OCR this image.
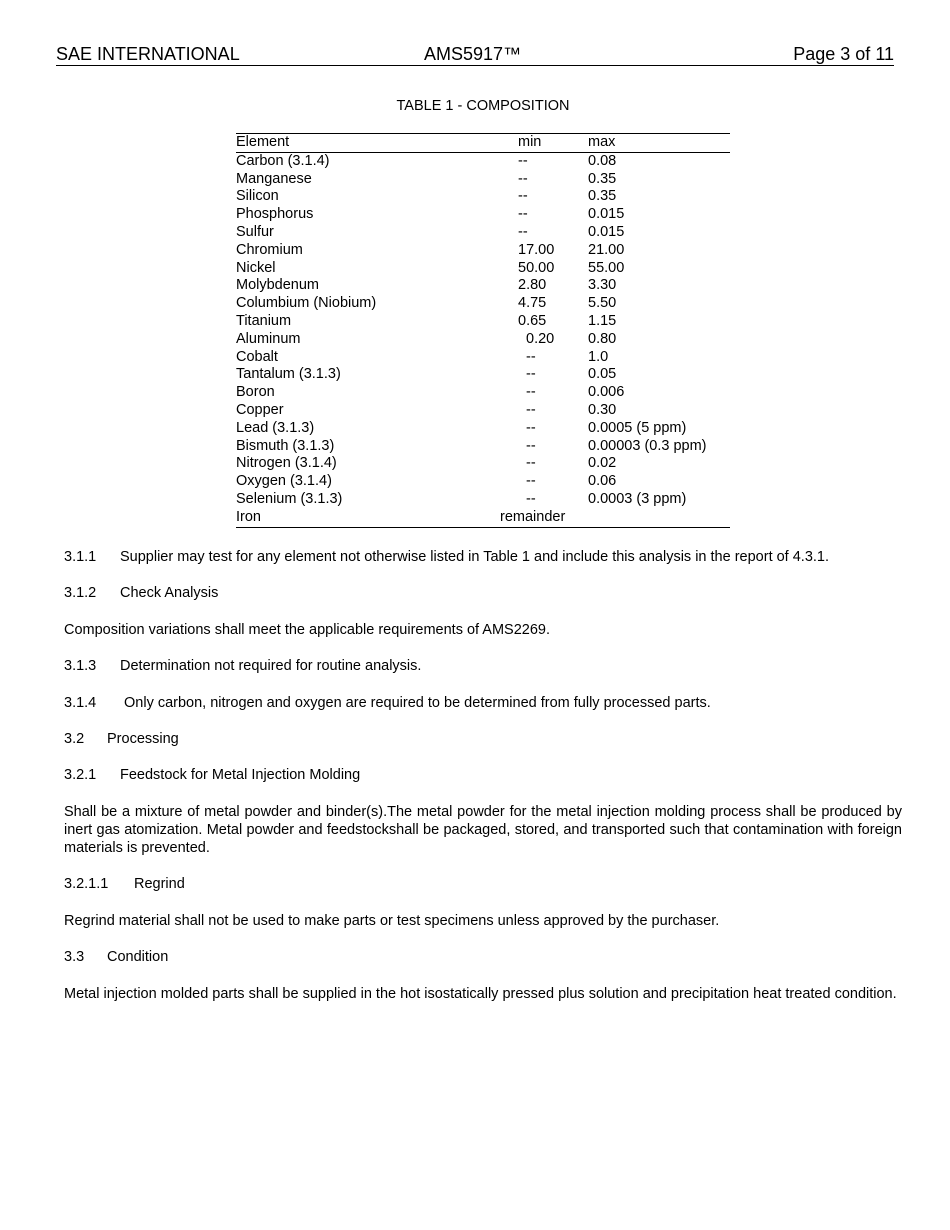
SAE INTERNATIONAL	AMS5917™	Page 3 of 11
TABLE 1 - COMPOSITION
Element	min	max
Carbon (3.1.4)	--	0.08
Manganese	--	0.35
Silicon	--	0.35
Phosphorus	--	0.015
Sulfur	--	0.015
Chromium	17.00 21.00
Nickel	50.00 55.00
Molybdenum	2.80	3.30
Columbium (Niobium)	4.75	5.50
Titanium	0.65	1.15
Aluminum	0.20 0.80
Cobalt	--	1.0
Tantalum (3.1.3)	--	0.05
Boron	--	0.006
Copper	--	0.30
Lead (3.1.3)	--	0.0005 (5 ppm)
Bismuth (3.1.3)	--	0.00003 (0.3 ppm)
Nitrogen (3.1.4)	--	0.02
Oxygen (3.1.4)	--	0.06
Selenium (3.1.3)	--	0.0003 (3 ppm)
Iron	remainder

3.1.1 Supplier may test for any element not otherwise listed in Table 1 and include this analysis in the report of 4.3.1.

3.1.2 Check Analysis

Composition variations shall meet the applicable requirements of AMS2269.

3.1.3 Determination not required for routine analysis.

3.1.4 Only carbon, nitrogen and oxygen are required to be determined from fully processed parts.

3.2 Processing

3.2.1 Feedstock for Metal Injection Molding

Shall be a mixture of metal powder and binder(s).The metal powder for the metal injection molding process shall be produced by inert gas atomization. Metal powder and feedstockshall be packaged, stored, and transported such that contamination with foreign materials is prevented.

3.2.1.1 Regrind

Regrind material shall not be used to make parts or test specimens unless approved by the purchaser.

3.3 Condition

Metal injection molded parts shall be supplied in the hot isostatically pressed plus solution and precipitation heat treated condition.
